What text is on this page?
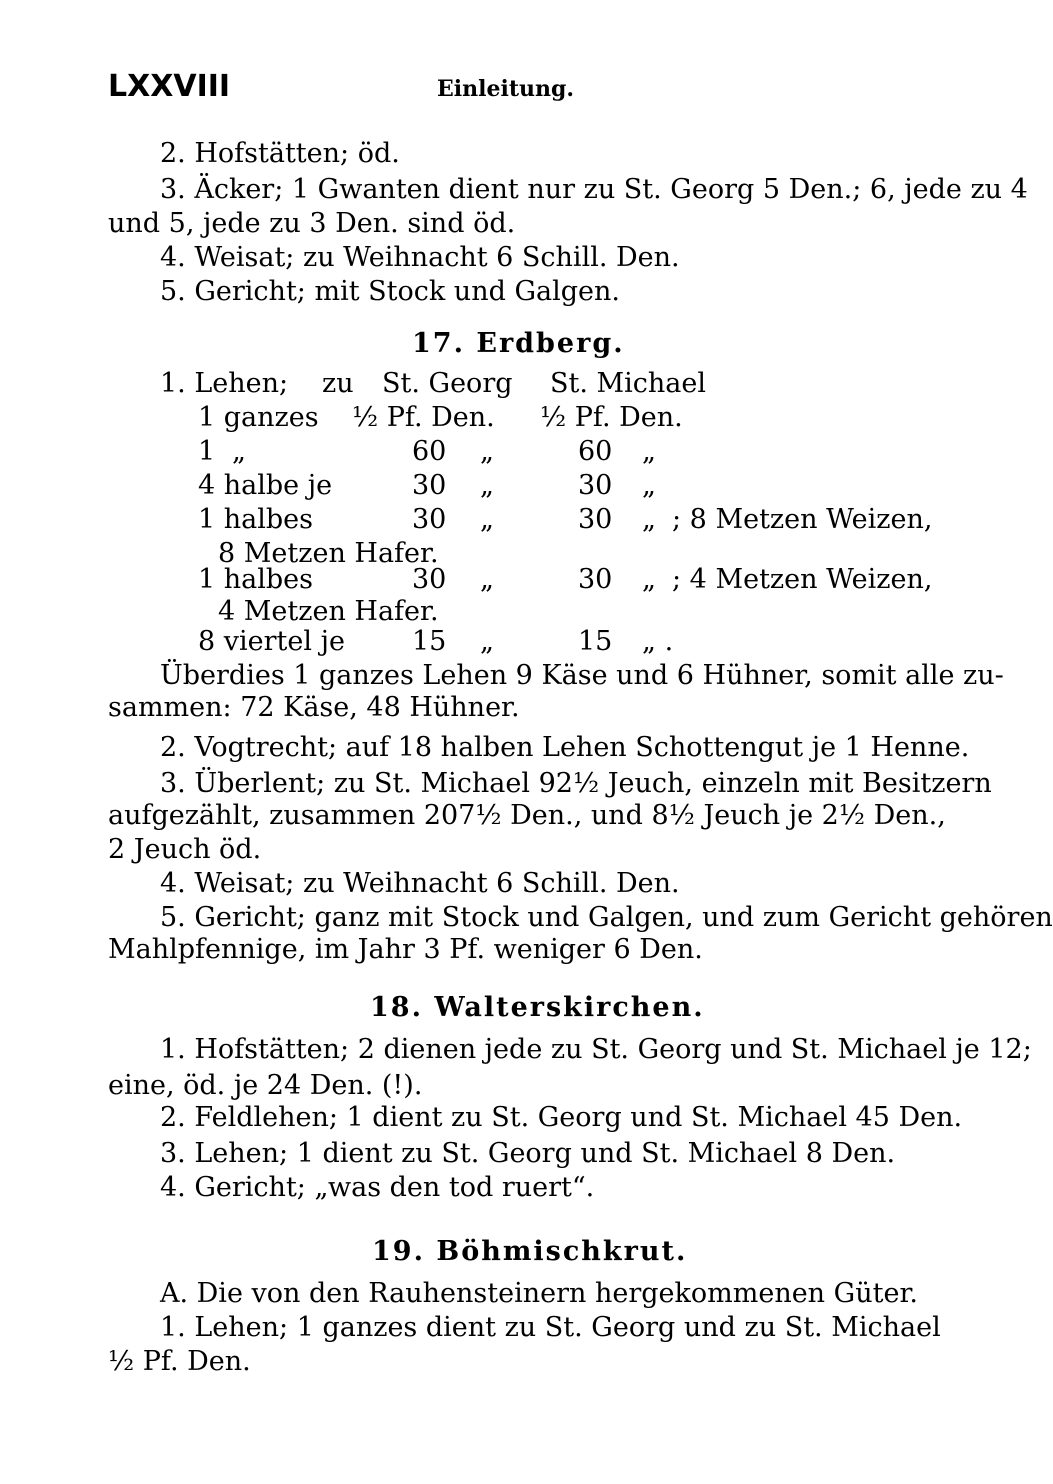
LXXVIII	Einleitung.
2. Hofstätten; öd.
3. Äcker; 1 Gwanten dient nur zu St. Georg 5 Den.; 6, jede zu 4
und 5, jede zu 3 Den. sind öd.
4. Weisat; zu Weihnacht 6 Schill. Den.
5. Gericht; mit Stock und Galgen.
17. Erdberg.
1. Lehen; zu St. Georg St. Michael
1 ganzes ½ Pf. Den. ½ Pf. Den.
1 „	60 „	60 „
4 halbe je	30 „	30 „
1 halbes	30 „	30 „ ; 8 Metzen Weizen,
8 Metzen Hafer.
1 halbes	30 „	30 „ ; 4 Metzen Weizen,
4 Metzen Hafer.
8 viertel je 15 „	15 „ .
Überdies 1 ganzes Lehen 9 Käse und 6 Hühner, somit alle zu-
sammen: 72 Käse, 48 Hühner.
2. Vogtrecht; auf 18 halben Lehen Schottengut je 1 Henne.
3. Überlent; zu St. Michael 92½ Jeuch, einzeln mit Besitzern
aufgezählt, zusammen 207½ Den., und 8½ Jeuch je 2½ Den.,
2 Jeuch öd.
4. Weisat; zu Weihnacht 6 Schill. Den.
5. Gericht; ganz mit Stock und Galgen, und zum Gericht gehören
Mahlpfennige, im Jahr 3 Pf. weniger 6 Den.
18. Walterskirchen.
1. Hofstätten; 2 dienen jede zu St. Georg und St. Michael je 12;
eine, öd. je 24 Den. (!).
2. Feldlehen; 1 dient zu St. Georg und St. Michael 45 Den.
3. Lehen; 1 dient zu St. Georg und St. Michael 8 Den.
4. Gericht; „was den tod ruert“.
19. Böhmischkrut.
A. Die von den Rauhensteinern hergekommenen Güter.
1. Lehen; 1 ganzes dient zu St. Georg und zu St. Michael
½ Pf. Den.
